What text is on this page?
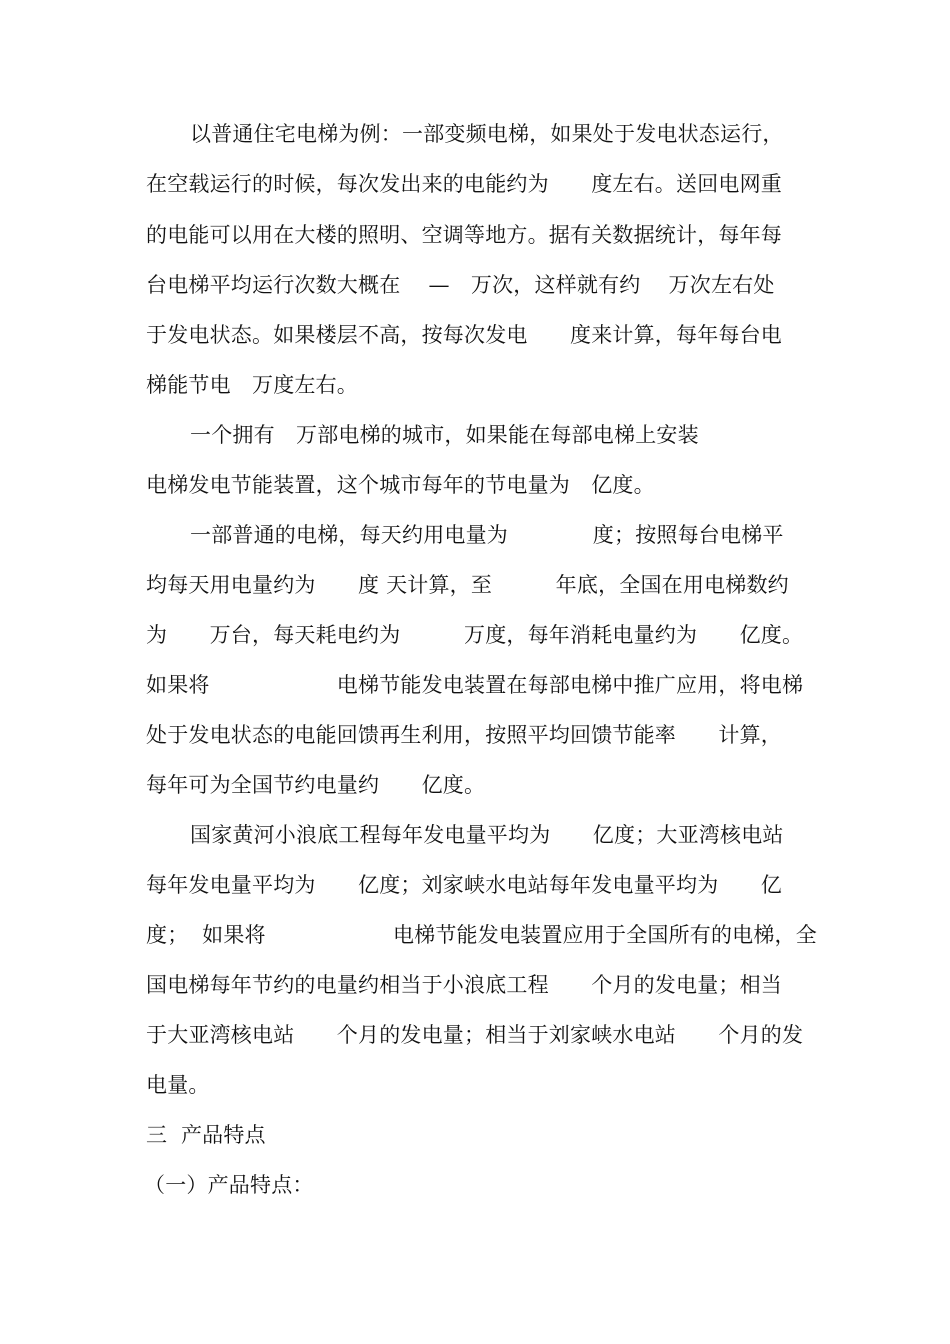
以普通住宅电梯为例：一部变频电梯，如果处于发电状态运行，
在空载运行的时候，每次发出来的电能约为　　度左右。送回电网重
的电能可以用在大楼的照明、空调等地方。据有关数据统计，每年每
台电梯平均运行次数大概在　 —　万次，这样就有约　 万次左右处
于发电状态。如果楼层不高，按每次发电　　度来计算，每年每台电
梯能节电　万度左右。
一个拥有　万部电梯的城市，如果能在每部电梯上安装
电梯发电节能装置，这个城市每年的节电量为　亿度。
一部普通的电梯，每天约用电量为　　　　度；按照每台电梯平
均每天用电量约为　　度 天计算，至　　　年底，全国在用电梯数约
为　　万台，每天耗电约为　　　万度，每年消耗电量约为　　亿度。
如果将　　　　　　电梯节能发电装置在每部电梯中推广应用，将电梯
处于发电状态的电能回馈再生利用，按照平均回馈节能率　　计算，
每年可为全国节约电量约　　亿度。
国家黄河小浪底工程每年发电量平均为　　亿度；大亚湾核电站
每年发电量平均为　　亿度；刘家峡水电站每年发电量平均为　　亿
度；  如果将　　　　　　电梯节能发电装置应用于全国所有的电梯，全
国电梯每年节约的电量约相当于小浪底工程　　个月的发电量；相当
于大亚湾核电站　　个月的发电量；相当于刘家峡水电站　　个月的发
电量。
三  产品特点
（一）产品特点：
